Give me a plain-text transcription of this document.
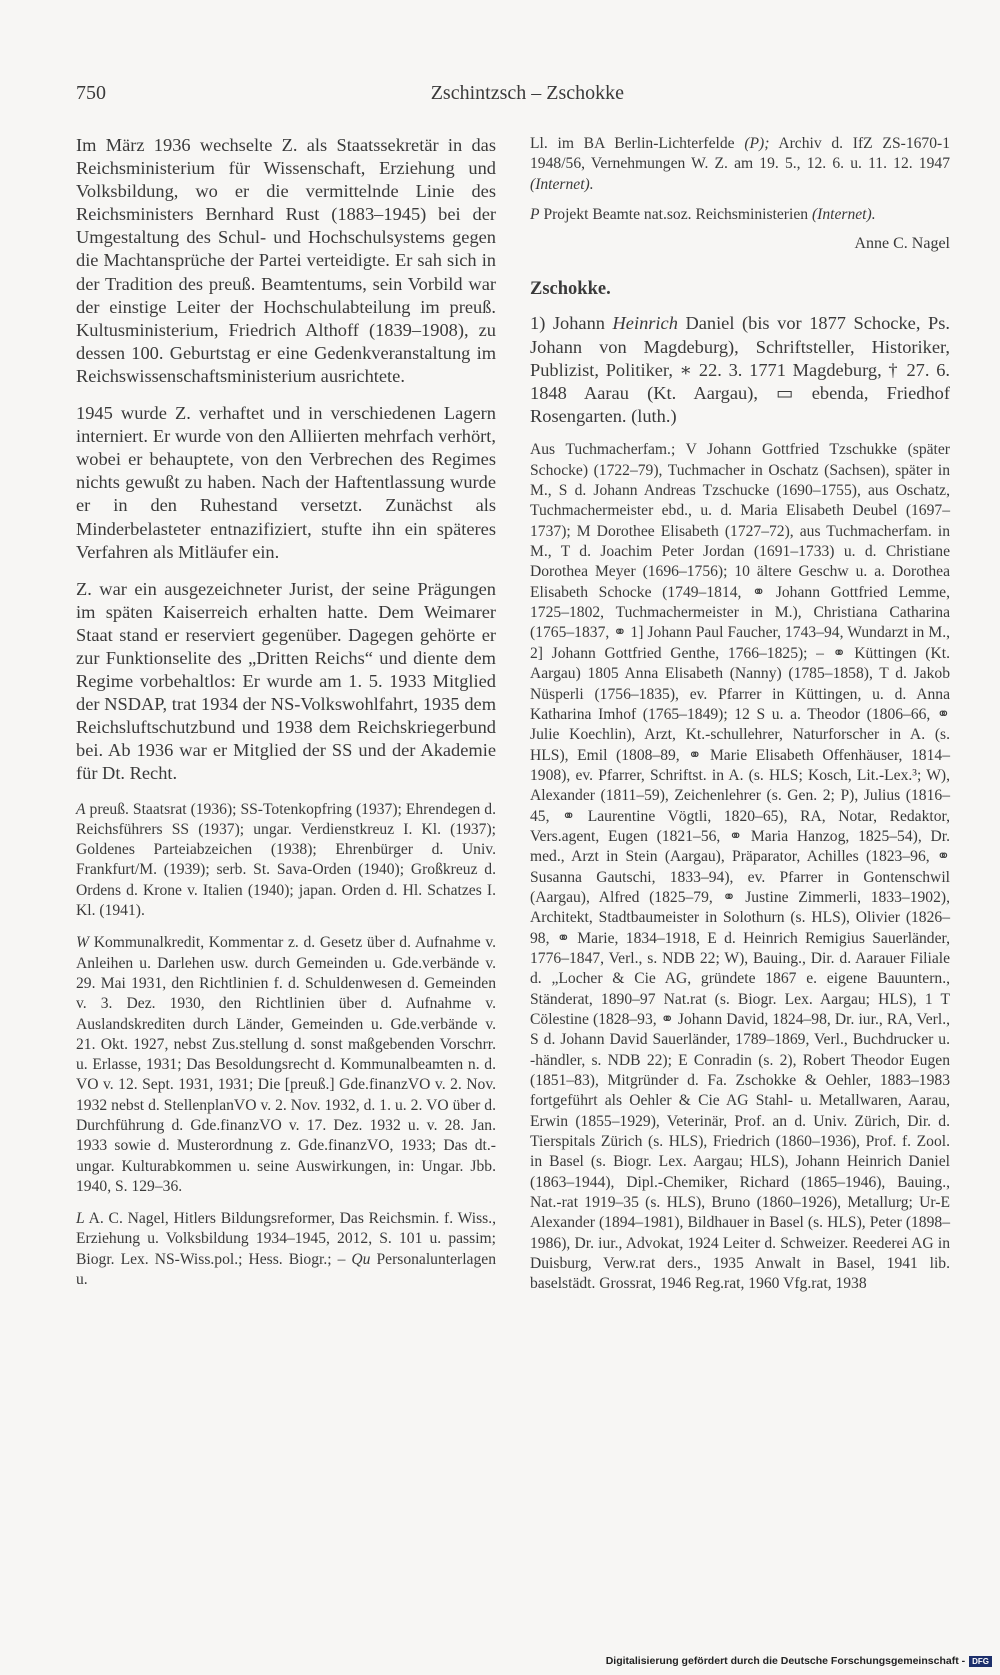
750	Zschintzsch – Zschokke

Im März 1936 wechselte Z. als Staatssekretär in das Reichsministerium für Wissenschaft, Erziehung und Volksbildung, wo er die vermittelnde Linie des Reichsministers Bernhard Rust (1883–1945) bei der Umgestaltung des Schul- und Hochschulsystems gegen die Machtansprüche der Partei verteidigte. Er sah sich in der Tradition des preuß. Beamtentums, sein Vorbild war der einstige Leiter der Hochschulabteilung im preuß. Kultusministerium, Friedrich Althoff (1839–1908), zu dessen 100. Geburtstag er eine Gedenkveranstaltung im Reichswissenschaftsministerium ausrichtete.

1945 wurde Z. verhaftet und in verschiedenen Lagern interniert. Er wurde von den Alliierten mehrfach verhört, wobei er behauptete, von den Verbrechen des Regimes nichts gewußt zu haben. Nach der Haftentlassung wurde er in den Ruhestand versetzt. Zunächst als Minderbelasteter entnazifiziert, stufte ihn ein späteres Verfahren als Mitläufer ein.

Z. war ein ausgezeichneter Jurist, der seine Prägungen im späten Kaiserreich erhalten hatte. Dem Weimarer Staat stand er reserviert gegenüber. Dagegen gehörte er zur Funktionselite des „Dritten Reichs“ und diente dem Regime vorbehaltlos: Er wurde am 1. 5. 1933 Mitglied der NSDAP, trat 1934 der NS-Volkswohlfahrt, 1935 dem Reichsluftschutzbund und 1938 dem Reichskriegerbund bei. Ab 1936 war er Mitglied der SS und der Akademie für Dt. Recht.

A preuß. Staatsrat (1936); SS-Totenkopfring (1937); Ehrendegen d. Reichsführers SS (1937); ungar. Verdienstkreuz I. Kl. (1937); Goldenes Parteiabzeichen (1938); Ehrenbürger d. Univ. Frankfurt/M. (1939); serb. St. Sava-Orden (1940); Großkreuz d. Ordens d. Krone v. Italien (1940); japan. Orden d. Hl. Schatzes I. Kl. (1941).

W Kommunalkredit, Kommentar z. d. Gesetz über d. Aufnahme v. Anleihen u. Darlehen usw. durch Gemeinden u. Gde.verbände v. 29. Mai 1931, den Richtlinien f. d. Schuldenwesen d. Gemeinden v. 3. Dez. 1930, den Richtlinien über d. Aufnahme v. Auslandskrediten durch Länder, Gemeinden u. Gde.verbände v. 21. Okt. 1927, nebst Zus.stellung d. sonst maßgebenden Vorschrr. u. Erlasse, 1931; Das Besoldungsrecht d. Kommunalbeamten n. d. VO v. 12. Sept. 1931, 1931; Die [preuß.] Gde.finanzVO v. 2. Nov. 1932 nebst d. StellenplanVO v. 2. Nov. 1932, d. 1. u. 2. VO über d. Durchführung d. Gde.finanzVO v. 17. Dez. 1932 u. v. 28. Jan. 1933 sowie d. Musterordnung z. Gde.finanzVO, 1933; Das dt.-ungar. Kulturabkommen u. seine Auswirkungen, in: Ungar. Jbb. 1940, S. 129–36.

L A. C. Nagel, Hitlers Bildungsreformer, Das Reichsmin. f. Wiss., Erziehung u. Volksbildung 1934–1945, 2012, S. 101 u. passim; Biogr. Lex. NS-Wiss.pol.; Hess. Biogr.; – Qu Personalunterlagen u.

Ll. im BA Berlin-Lichterfelde (P); Archiv d. IfZ ZS-1670-1 1948/56, Vernehmungen W. Z. am 19. 5., 12. 6. u. 11. 12. 1947 (Internet).

P Projekt Beamte nat.soz. Reichsministerien (Internet).

Anne C. Nagel

Zschokke.

1) Johann Heinrich Daniel (bis vor 1877 Schocke, Ps. Johann von Magdeburg), Schriftsteller, Historiker, Publizist, Politiker, ∗ 22. 3. 1771 Magdeburg, † 27. 6. 1848 Aarau (Kt. Aargau), ▭ ebenda, Friedhof Rosengarten. (luth.)

Aus Tuchmacherfam.; V Johann Gottfried Tzschukke (später Schocke) (1722–79), Tuchmacher in Oschatz (Sachsen), später in M., S d. Johann Andreas Tzschucke (1690–1755), aus Oschatz, Tuchmachermeister ebd., u. d. Maria Elisabeth Deubel (1697–1737); M Dorothee Elisabeth (1727–72), aus Tuchmacherfam. in M., T d. Joachim Peter Jordan (1691–1733) u. d. Christiane Dorothea Meyer (1696–1756); 10 ältere Geschw u. a. Dorothea Elisabeth Schocke (1749–1814, ⚭ Johann Gottfried Lemme, 1725–1802, Tuchmachermeister in M.), Christiana Catharina (1765–1837, ⚭ 1] Johann Paul Faucher, 1743–94, Wundarzt in M., 2] Johann Gottfried Genthe, 1766–1825); – ⚭ Küttingen (Kt. Aargau) 1805 Anna Elisabeth (Nanny) (1785–1858), T d. Jakob Nüsperli (1756–1835), ev. Pfarrer in Küttingen, u. d. Anna Katharina Imhof (1765–1849); 12 S u. a. Theodor (1806–66, ⚭ Julie Koechlin), Arzt, Kt.-schullehrer, Naturforscher in A. (s. HLS), Emil (1808–89, ⚭ Marie Elisabeth Offenhäuser, 1814–1908), ev. Pfarrer, Schriftst. in A. (s. HLS; Kosch, Lit.-Lex.³; W), Alexander (1811–59), Zeichenlehrer (s. Gen. 2; P), Julius (1816–45, ⚭ Laurentine Vögtli, 1820–65), RA, Notar, Redaktor, Vers.agent, Eugen (1821–56, ⚭ Maria Hanzog, 1825–54), Dr. med., Arzt in Stein (Aargau), Präparator, Achilles (1823–96, ⚭ Susanna Gautschi, 1833–94), ev. Pfarrer in Gontenschwil (Aargau), Alfred (1825–79, ⚭ Justine Zimmerli, 1833–1902), Architekt, Stadtbaumeister in Solothurn (s. HLS), Olivier (1826–98, ⚭ Marie, 1834–1918, E d. Heinrich Remigius Sauerländer, 1776–1847, Verl., s. NDB 22; W), Bauing., Dir. d. Aarauer Filiale d. „Locher & Cie AG, gründete 1867 e. eigene Bauuntern., Ständerat, 1890–97 Nat.rat (s. Biogr. Lex. Aargau; HLS), 1 T Cölestine (1828–93, ⚭ Johann David, 1824–98, Dr. iur., RA, Verl., S d. Johann David Sauerländer, 1789–1869, Verl., Buchdrucker u. -händler, s. NDB 22); E Conradin (s. 2), Robert Theodor Eugen (1851–83), Mitgründer d. Fa. Zschokke & Oehler, 1883–1983 fortgeführt als Oehler & Cie AG Stahl- u. Metallwaren, Aarau, Erwin (1855–1929), Veterinär, Prof. an d. Univ. Zürich, Dir. d. Tierspitals Zürich (s. HLS), Friedrich (1860–1936), Prof. f. Zool. in Basel (s. Biogr. Lex. Aargau; HLS), Johann Heinrich Daniel (1863–1944), Dipl.-Chemiker, Richard (1865–1946), Bauing., Nat.-rat 1919–35 (s. HLS), Bruno (1860–1926), Metallurg; Ur-E Alexander (1894–1981), Bildhauer in Basel (s. HLS), Peter (1898–1986), Dr. iur., Advokat, 1924 Leiter d. Schweizer. Reederei AG in Duisburg, Verw.rat ders., 1935 Anwalt in Basel, 1941 lib. baselstädt. Grossrat, 1946 Reg.rat, 1960 Vfg.rat, 1938

Digitalisierung gefördert durch die Deutsche Forschungsgemeinschaft - DFG
